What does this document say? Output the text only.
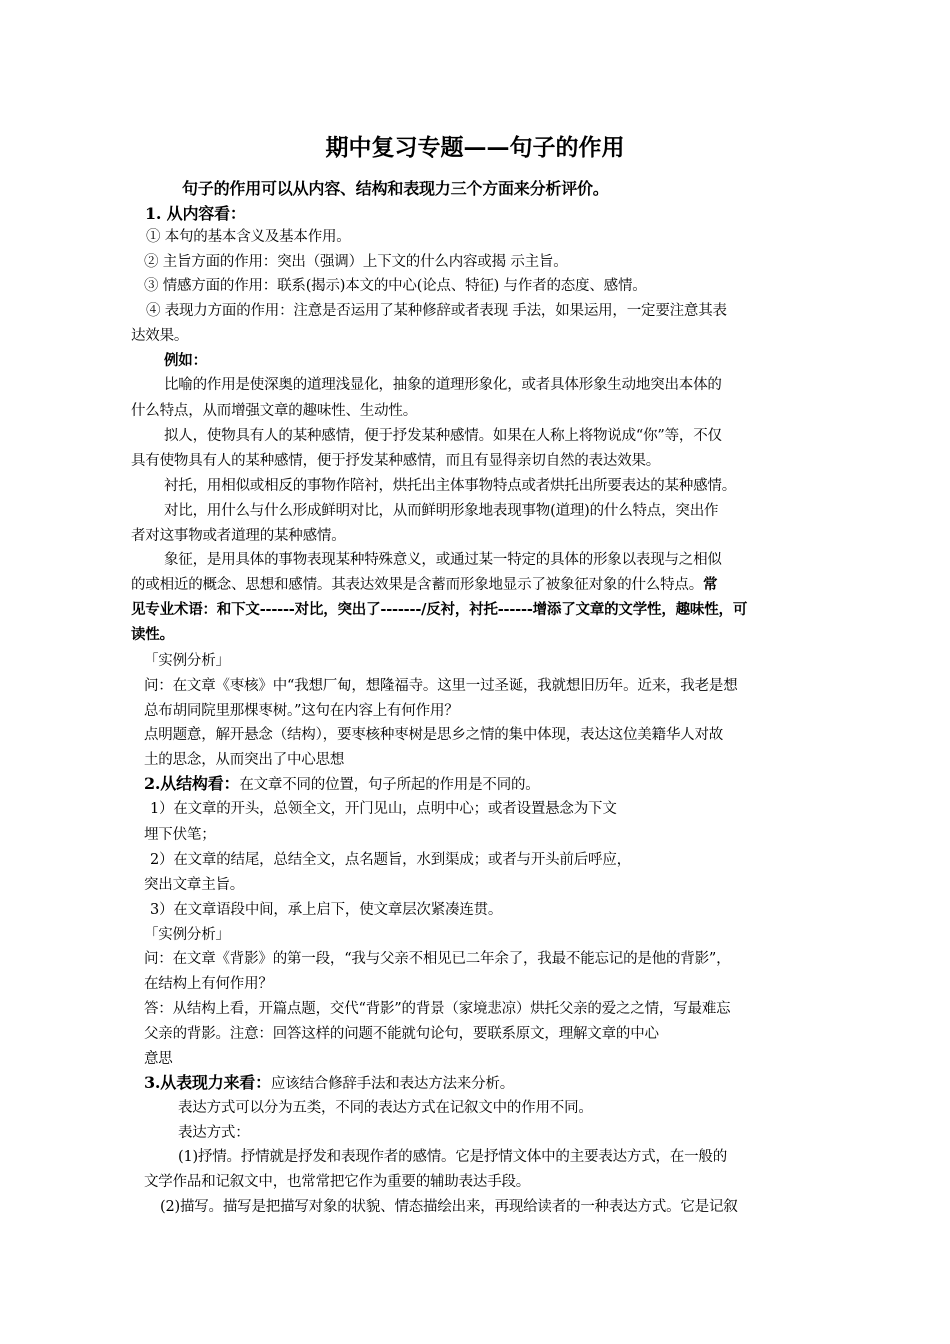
期中复习专题——句子的作用

句子的作用可以从内容、结构和表现力三个方面来分析评价。

1. 从内容看：

① 本句的基本含义及基本作用。

② 主旨方面的作用：突出（强调）上下文的什么内容或揭 示主旨。

③ 情感方面的作用：联系(揭示)本文的中心(论点、特征) 与作者的态度、感情。

④ 表现力方面的作用：注意是否运用了某种修辞或者表现 手法，如果运用，一定要注意其表

达效果。

例如：

比喻的作用是使深奥的道理浅显化，抽象的道理形象化，或者具体形象生动地突出本体的

什么特点，从而增强文章的趣味性、生动性。

拟人，使物具有人的某种感情，便于抒发某种感情。如果在人称上将物说成“你”等，不仅

具有使物具有人的某种感情，便于抒发某种感情，而且有显得亲切自然的表达效果。

衬托，用相似或相反的事物作陪衬，烘托出主体事物特点或者烘托出所要表达的某种感情。

对比，用什么与什么形成鲜明对比，从而鲜明形象地表现事物(道理)的什么特点，突出作

者对这事物或者道理的某种感情。

象征，是用具体的事物表现某种特殊意义，或通过某一特定的具体的形象以表现与之相似

的或相近的概念、思想和感情。其表达效果是含蓄而形象地显示了被象征对象的什么特点。常

见专业术语：和下文------对比，突出了-------/反衬，衬托------增添了文章的文学性，趣味性，可

读性。

「实例分析」

问：在文章《枣核》中“我想厂甸，想隆福寺。这里一过圣诞，我就想旧历年。近来，我老是想

总布胡同院里那棵枣树。”这句在内容上有何作用？

点明题意，解开悬念（结构），要枣核种枣树是思乡之情的集中体现，表达这位美籍华人对故

土的思念，从而突出了中心思想

2.从结构看：在文章不同的位置，句子所起的作用是不同的。

1）在文章的开头，总领全文，开门见山，点明中心；或者设置悬念为下文

埋下伏笔；

2）在文章的结尾，总结全文，点名题旨，水到渠成；或者与开头前后呼应，

突出文章主旨。

3）在文章语段中间，承上启下，使文章层次紧凑连贯。

「实例分析」

问：在文章《背影》的第一段，“我与父亲不相见已二年余了，我最不能忘记的是他的背影”，

在结构上有何作用？

答：从结构上看，开篇点题，交代“背影”的背景（家境悲凉）烘托父亲的爱之之情，写最难忘

父亲的背影。注意：回答这样的问题不能就句论句，要联系原文，理解文章的中心

意思

3.从表现力来看：应该结合修辞手法和表达方法来分析。

表达方式可以分为五类，不同的表达方式在记叙文中的作用不同。

表达方式：

(1)抒情。抒情就是抒发和表现作者的感情。它是抒情文体中的主要表达方式，在一般的

文学作品和记叙文中，也常常把它作为重要的辅助表达手段。

(2)描写。描写是把描写对象的状貌、情态描绘出来，再现给读者的一种表达方式。它是记叙
